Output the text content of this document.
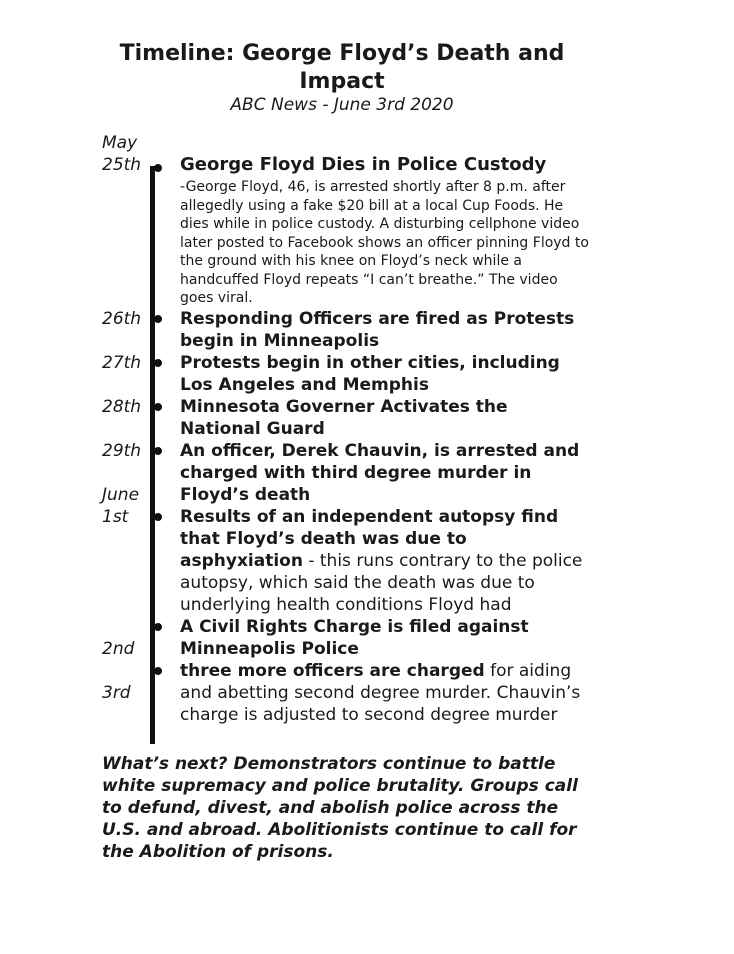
Timeline: George Floyd’s Death and Impact
ABC News - June 3rd 2020
May
25th
26th
27th
28th
29th
June
1st
2nd
3rd
George Floyd Dies in Police Custody
-George Floyd, 46, is arrested shortly after 8 p.m. after allegedly using a fake $20 bill at a local Cup Foods. He dies while in police custody. A disturbing cellphone video later posted to Facebook shows an officer pinning Floyd to the ground with his knee on Floyd’s neck while a handcuffed Floyd repeats “I can’t breathe.” The video goes viral.
Responding Officers are fired as Protests begin in Minneapolis
Protests begin in other cities, including Los Angeles and Memphis
Minnesota Governer Activates the National Guard
An officer, Derek Chauvin, is arrested and charged with third degree murder in Floyd’s death
Results of an independent autopsy find that Floyd’s death was due to asphyxiation - this runs contrary to the police autopsy, which said the death was due to underlying health conditions Floyd had
A Civil Rights Charge is filed against Minneapolis Police
three more officers are charged for aiding and abetting second degree murder. Chauvin’s charge is adjusted to second degree murder
What’s next? Demonstrators continue to battle white supremacy and police brutality. Groups call to defund, divest, and abolish police across the U.S. and abroad. Abolitionists continue to call for the Abolition of prisons.
